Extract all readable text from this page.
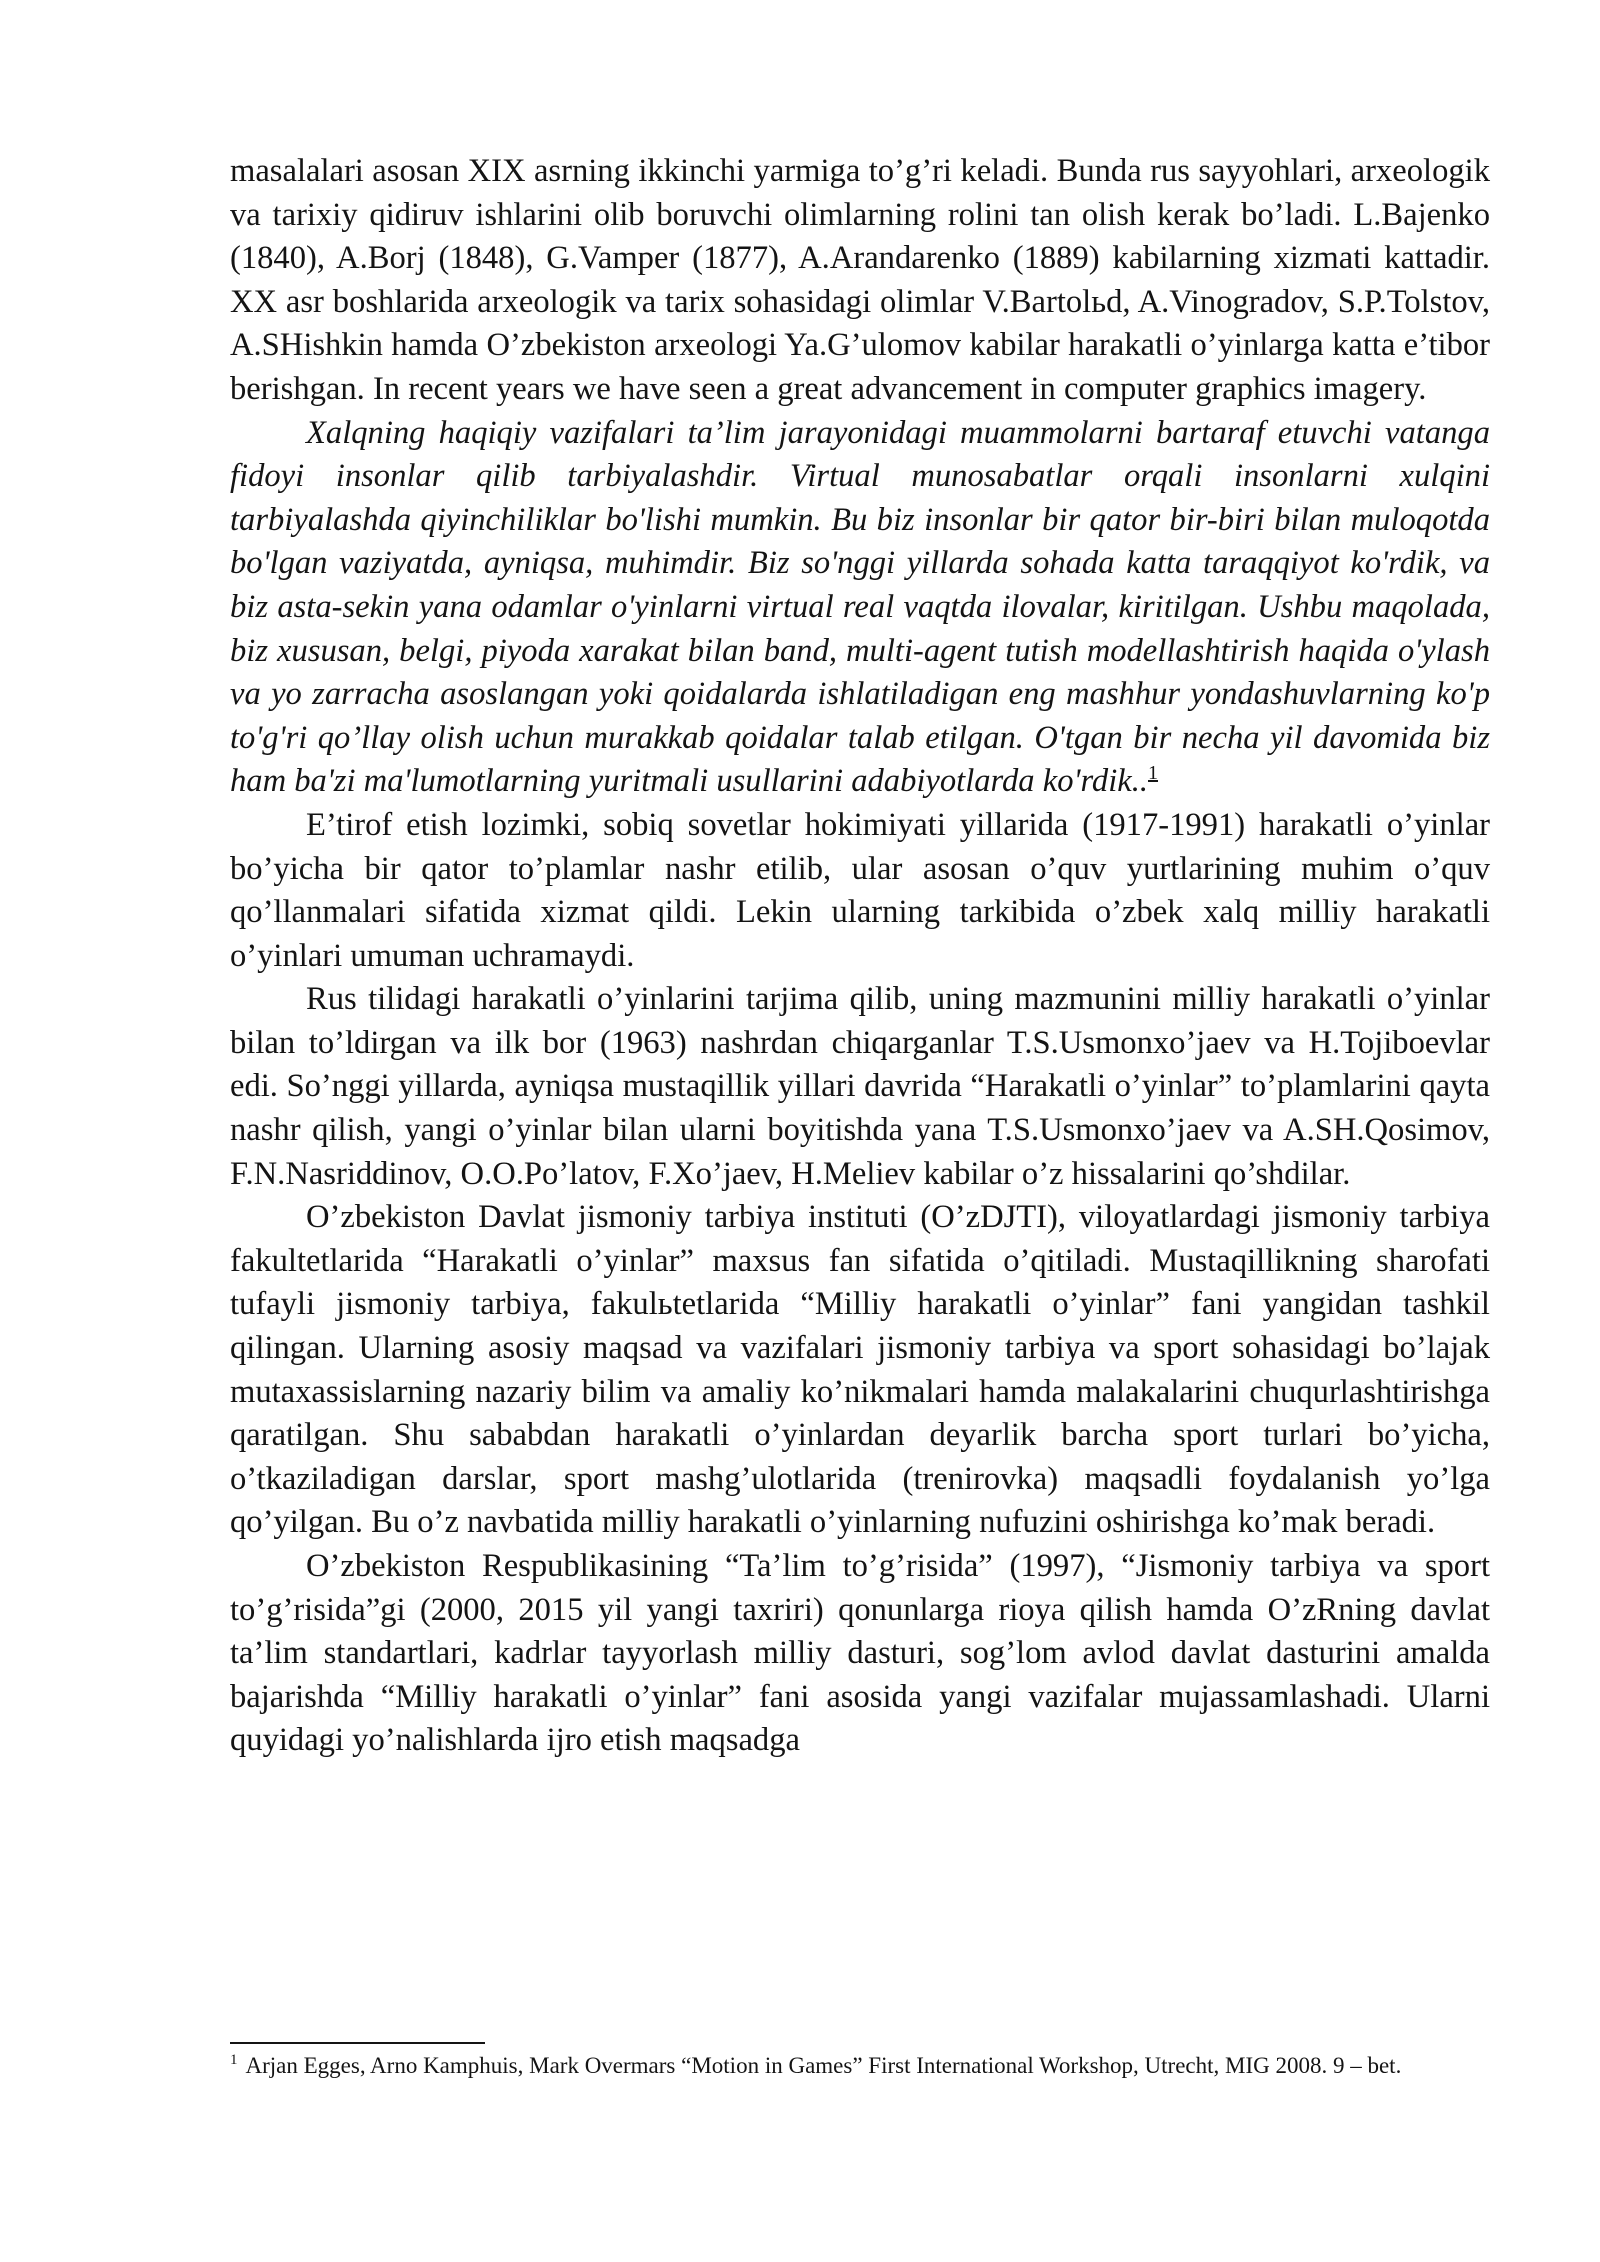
masalalari asosan XIX asrning ikkinchi yarmiga to’g’ri keladi. Bunda rus sayyohlari, arxeologik va tarixiy qidiruv ishlarini olib boruvchi olimlarning rolini tan olish kerak bo’ladi. L.Bajenko (1840), A.Borj (1848), G.Vamper (1877), A.Arandarenko (1889) kabilarning xizmati kattadir. XX asr boshlarida arxeologik va tarix sohasidagi olimlar V.Bartolьd, A.Vinogradov, S.P.Tolstov, A.SHishkin hamda O’zbekiston arxeologi Ya.G’ulomov kabilar harakatli o’yinlarga katta e’tibor berishgan. In recent years we have seen a great advancement in computer graphics imagery.

Xalqning haqiqiy vazifalari ta’lim jarayonidagi muammolarni bartaraf etuvchi vatanga fidoyi insonlar qilib tarbiyalashdir. Virtual munosabatlar orqali insonlarni xulqini tarbiyalashda qiyinchiliklar bo'lishi mumkin. Bu biz insonlar bir qator bir-biri bilan muloqotda bo'lgan vaziyatda, ayniqsa, muhimdir. Biz so'nggi yillarda sohada katta taraqqiyot ko'rdik, va biz asta-sekin yana odamlar o'yinlarni virtual real vaqtda ilovalar, kiritilgan. Ushbu maqolada, biz xususan, belgi, piyoda xarakat bilan band, multi-agent tutish modellashtirish haqida o'ylash va yo zarracha asoslangan yoki qoidalarda ishlatiladigan eng mashhur yondashuvlarning ko'p to'g'ri qo’llay olish uchun murakkab qoidalar talab etilgan. O'tgan bir necha yil davomida biz ham ba'zi ma'lumotlarning yuritmali usullarini adabiyotlarda ko'rdik..$^1$

E’tirof etish lozimki, sobiq sovetlar hokimiyati yillarida (1917-1991) harakatli o’yinlar bo’yicha bir qator to’plamlar nashr etilib, ular asosan o’quv yurtlarining muhim o’quv qo’llanmalari sifatida xizmat qildi. Lekin ularning tarkibida o’zbek xalq milliy harakatli o’yinlari umuman uchramaydi.

Rus tilidagi harakatli o’yinlarini tarjima qilib, uning mazmunini milliy harakatli o’yinlar bilan to’ldirgan va ilk bor (1963) nashrdan chiqarganlar T.S.Usmonxo’jaev va H.Tojiboevlar edi. So’nggi yillarda, ayniqsa mustaqillik yillari davrida “Harakatli o’yinlar” to’plamlarini qayta nashr qilish, yangi o’yinlar bilan ularni boyitishda yana T.S.Usmonxo’jaev va A.SH.Qosimov, F.N.Nasriddinov, O.O.Po’latov, F.Xo’jaev, H.Meliev kabilar o’z hissalarini qo’shdilar.

O’zbekiston Davlat jismoniy tarbiya instituti (O’zDJTI), viloyatlardagi jismoniy tarbiya fakultetlarida “Harakatli o’yinlar” maxsus fan sifatida o’qitiladi. Mustaqillikning sharofati tufayli jismoniy tarbiya, fakulьtetlarida “Milliy harakatli o’yinlar” fani yangidan tashkil qilingan. Ularning asosiy maqsad va vazifalari jismoniy tarbiya va sport sohasidagi bo’lajak mutaxassislarning nazariy bilim va amaliy ko’nikmalari hamda malakalarini chuqurlashtirishga qaratilgan. Shu sababdan harakatli o’yinlardan deyarlik barcha sport turlari bo’yicha, o’tkaziladigan darslar, sport mashg’ulotlarida (trenirovka) maqsadli foydalanish yo’lga qo’yilgan. Bu o’z navbatida milliy harakatli o’yinlarning nufuzini oshirishga ko’mak beradi.

O’zbekiston Respublikasining “Ta’lim to’g’risida” (1997), “Jismoniy tarbiya va sport to’g’risida”gi (2000, 2015 yil yangi taxriri) qonunlarga rioya qilish hamda O’zRning davlat ta’lim standartlari, kadrlar tayyorlash milliy dasturi, sog’lom avlod davlat dasturini amalda bajarishda “Milliy harakatli o’yinlar” fani asosida yangi vazifalar mujassamlashadi. Ularni quyidagi yo’nalishlarda ijro etish maqsadga

$^1$ Arjan Egges, Arno Kamphuis, Mark Overmars “Motion in Games” First International Workshop, Utrecht, MIG 2008. 9 – bet.
